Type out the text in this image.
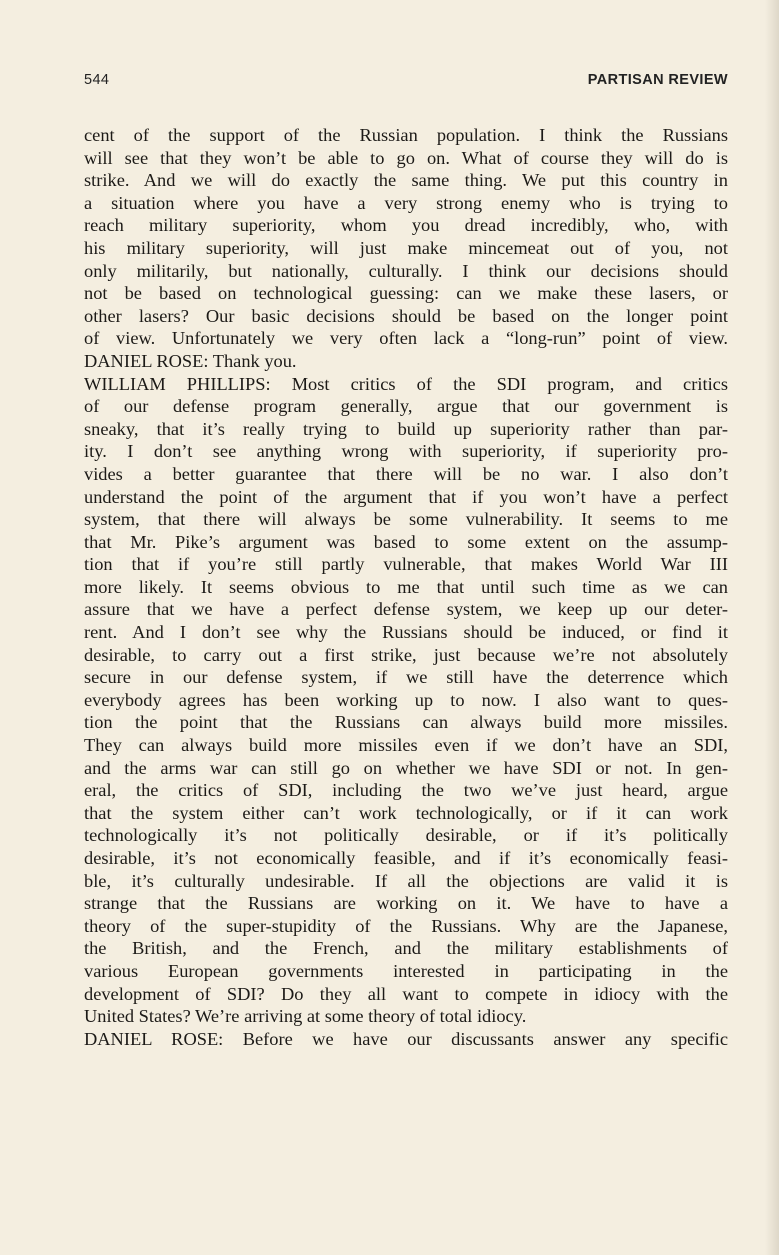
544	PARTISAN REVIEW
cent of the support of the Russian population. I think the Russians
will see that they won’t be able to go on. What of course they will do is
strike. And we will do exactly the same thing. We put this country in
a situation where you have a very strong enemy who is trying to
reach military superiority, whom you dread incredibly, who, with
his military superiority, will just make mincemeat out of you, not
only militarily, but nationally, culturally. I think our decisions should
not be based on technological guessing: can we make these lasers, or
other lasers? Our basic decisions should be based on the longer point
of view. Unfortunately we very often lack a “long-run” point of view.
DANIEL ROSE: Thank you.
WILLIAM PHILLIPS: Most critics of the SDI program, and critics
of our defense program generally, argue that our government is
sneaky, that it’s really trying to build up superiority rather than par-
ity. I don’t see anything wrong with superiority, if superiority pro-
vides a better guarantee that there will be no war. I also don’t
understand the point of the argument that if you won’t have a perfect
system, that there will always be some vulnerability. It seems to me
that Mr. Pike’s argument was based to some extent on the assump-
tion that if you’re still partly vulnerable, that makes World War III
more likely. It seems obvious to me that until such time as we can
assure that we have a perfect defense system, we keep up our deter-
rent. And I don’t see why the Russians should be induced, or find it
desirable, to carry out a first strike, just because we’re not absolutely
secure in our defense system, if we still have the deterrence which
everybody agrees has been working up to now. I also want to ques-
tion the point that the Russians can always build more missiles.
They can always build more missiles even if we don’t have an SDI,
and the arms war can still go on whether we have SDI or not. In gen-
eral, the critics of SDI, including the two we’ve just heard, argue
that the system either can’t work technologically, or if it can work
technologically it’s not politically desirable, or if it’s politically
desirable, it’s not economically feasible, and if it’s economically feasi-
ble, it’s culturally undesirable. If all the objections are valid it is
strange that the Russians are working on it. We have to have a
theory of the super-stupidity of the Russians. Why are the Japanese,
the British, and the French, and the military establishments of
various European governments interested in participating in the
development of SDI? Do they all want to compete in idiocy with the
United States? We’re arriving at some theory of total idiocy.
DANIEL ROSE: Before we have our discussants answer any specific
